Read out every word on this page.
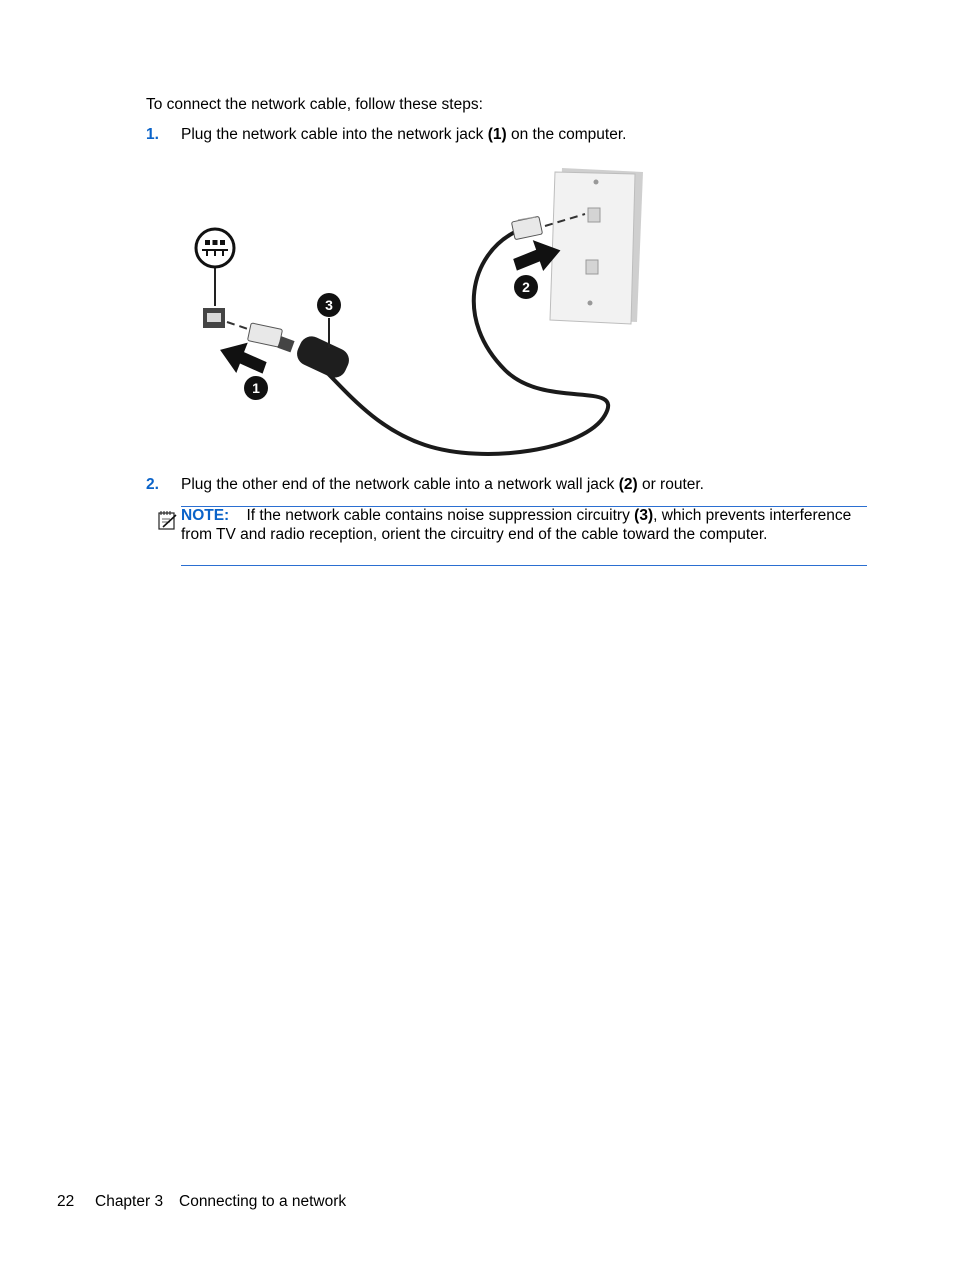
To connect the network cable, follow these steps:
1. Plug the network cable into the network jack (1) on the computer.
1
2
3
2. Plug the other end of the network cable into a network wall jack (2) or router.
NOTE: If the network cable contains noise suppression circuitry (3), which prevents interference from TV and radio reception, orient the circuitry end of the cable toward the computer.
22 Chapter 3 Connecting to a network
